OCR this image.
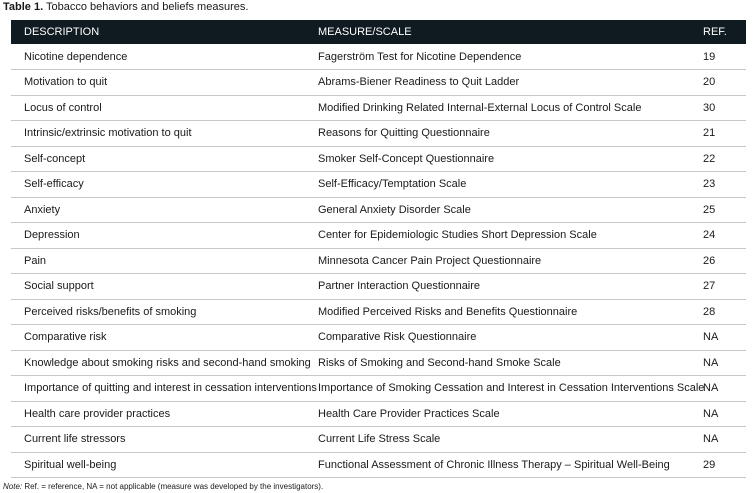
Table 1. Tobacco behaviors and beliefs measures.
DESCRIPTION	MEASURE/SCALE	REF.
Nicotine dependence	Fagerström Test for Nicotine Dependence	19
Motivation to quit	Abrams-Biener Readiness to Quit Ladder	20
Locus of control	Modified Drinking Related Internal-External Locus of Control Scale	30
Intrinsic/extrinsic motivation to quit	Reasons for Quitting Questionnaire	21
Self-concept	Smoker Self-Concept Questionnaire	22
Self-efficacy	Self-Efficacy/Temptation Scale	23
Anxiety	General Anxiety Disorder Scale	25
Depression	Center for Epidemiologic Studies Short Depression Scale	24
Pain	Minnesota Cancer Pain Project Questionnaire	26
Social support	Partner Interaction Questionnaire	27
Perceived risks/benefits of smoking	Modified Perceived Risks and Benefits Questionnaire	28
Comparative risk	Comparative Risk Questionnaire	NA
Knowledge about smoking risks and second-hand smoking	Risks of Smoking and Second-hand Smoke Scale	NA
Importance of quitting and interest in cessation interventions	Importance of Smoking Cessation and Interest in Cessation Interventions Scale	NA
Health care provider practices	Health Care Provider Practices Scale	NA
Current life stressors	Current Life Stress Scale	NA
Spiritual well-being	Functional Assessment of Chronic Illness Therapy – Spiritual Well-Being	29
Note: Ref. = reference, NA = not applicable (measure was developed by the investigators).
